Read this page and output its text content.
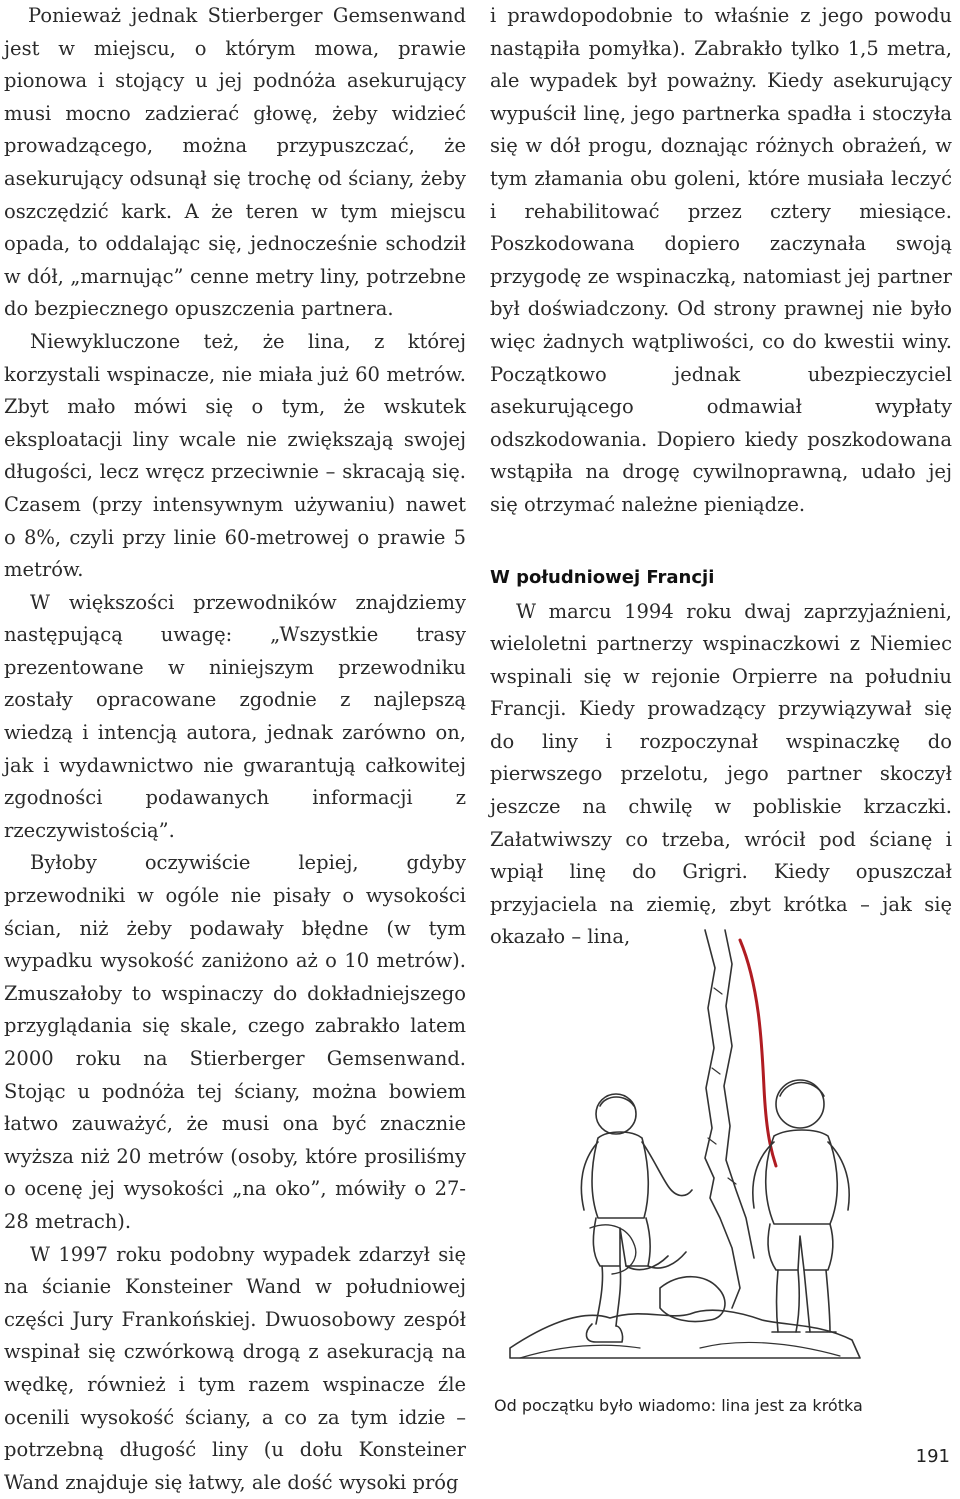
Ponieważ jednak Stierberger Gemsenwand jest w miejscu, o którym mowa, prawie pionowa i stojący u jej podnóża asekurujący musi mocno zadzierać głowę, żeby widzieć prowadzącego, można przypuszczać, że asekurujący odsunął się trochę od ściany, żeby oszczędzić kark. A że teren w tym miejscu opada, to oddalając się, jednocześnie schodził w dół, „marnując” cenne metry liny, potrzebne do bezpiecznego opuszczenia partnera.

Niewykluczone też, że lina, z której korzystali wspinacze, nie miała już 60 metrów. Zbyt mało mówi się o tym, że wskutek eksploatacji liny wcale nie zwiększają swojej długości, lecz wręcz przeciwnie – skracają się. Czasem (przy intensywnym używaniu) nawet o 8%, czyli przy linie 60-metrowej o prawie 5 metrów.

W większości przewodników znajdziemy następującą uwagę: „Wszystkie trasy prezentowane w niniejszym przewodniku zostały opracowane zgodnie z najlepszą wiedzą i intencją autora, jednak zarówno on, jak i wydawnictwo nie gwarantują całkowitej zgodności podawanych informacji z rzeczywistością”.

Byłoby oczywiście lepiej, gdyby przewodniki w ogóle nie pisały o wysokości ścian, niż żeby podawały błędne (w tym wypadku wysokość zaniżono aż o 10 metrów). Zmuszałoby to wspinaczy do dokładniejszego przyglądania się skale, czego zabrakło latem 2000 roku na Stierberger Gemsenwand. Stojąc u podnóża tej ściany, można bowiem łatwo zauważyć, że musi ona być znacznie wyższa niż 20 metrów (osoby, które prosiliśmy o ocenę jej wysokości „na oko”, mówiły o 27-28 metrach).

W 1997 roku podobny wypadek zdarzył się na ścianie Konsteiner Wand w południowej części Jury Frankońskiej. Dwuosobowy zespół wspinał się czwórkową drogą z asekuracją na wędkę, również i tym razem wspinacze źle ocenili wysokość ściany, a co za tym idzie – potrzebną długość liny (u dołu Konsteiner Wand znajduje się łatwy, ale dość wysoki próg

i prawdopodobnie to właśnie z jego powodu nastąpiła pomyłka). Zabrakło tylko 1,5 metra, ale wypadek był poważny. Kiedy asekurujący wypuścił linę, jego partnerka spadła i stoczyła się w dół progu, doznając różnych obrażeń, w tym złamania obu goleni, które musiała leczyć i rehabilitować przez cztery miesiące. Poszkodowana dopiero zaczynała swoją przygodę ze wspinaczką, natomiast jej partner był doświadczony. Od strony prawnej nie było więc żadnych wątpliwości, co do kwestii winy. Początkowo jednak ubezpieczyciel asekurującego odmawiał wypłaty odszkodowania. Dopiero kiedy poszkodowana wstąpiła na drogę cywilnoprawną, udało jej się otrzymać należne pieniądze.

W południowej Francji

W marcu 1994 roku dwaj zaprzyjaźnieni, wieloletni partnerzy wspinaczkowi z Niemiec wspinali się w rejonie Orpierre na południu Francji. Kiedy prowadzący przywiązywał się do liny i rozpoczynał wspinaczkę do pierwszego przelotu, jego partner skoczył jeszcze na chwilę w pobliskie krzaczki. Załatwiwszy co trzeba, wrócił pod ścianę i wpiął linę do Grigri. Kiedy opuszczał przyjaciela na ziemię, zbyt krótka – jak się okazało – lina,

Od początku było wiadomo: lina jest za krótka
191
